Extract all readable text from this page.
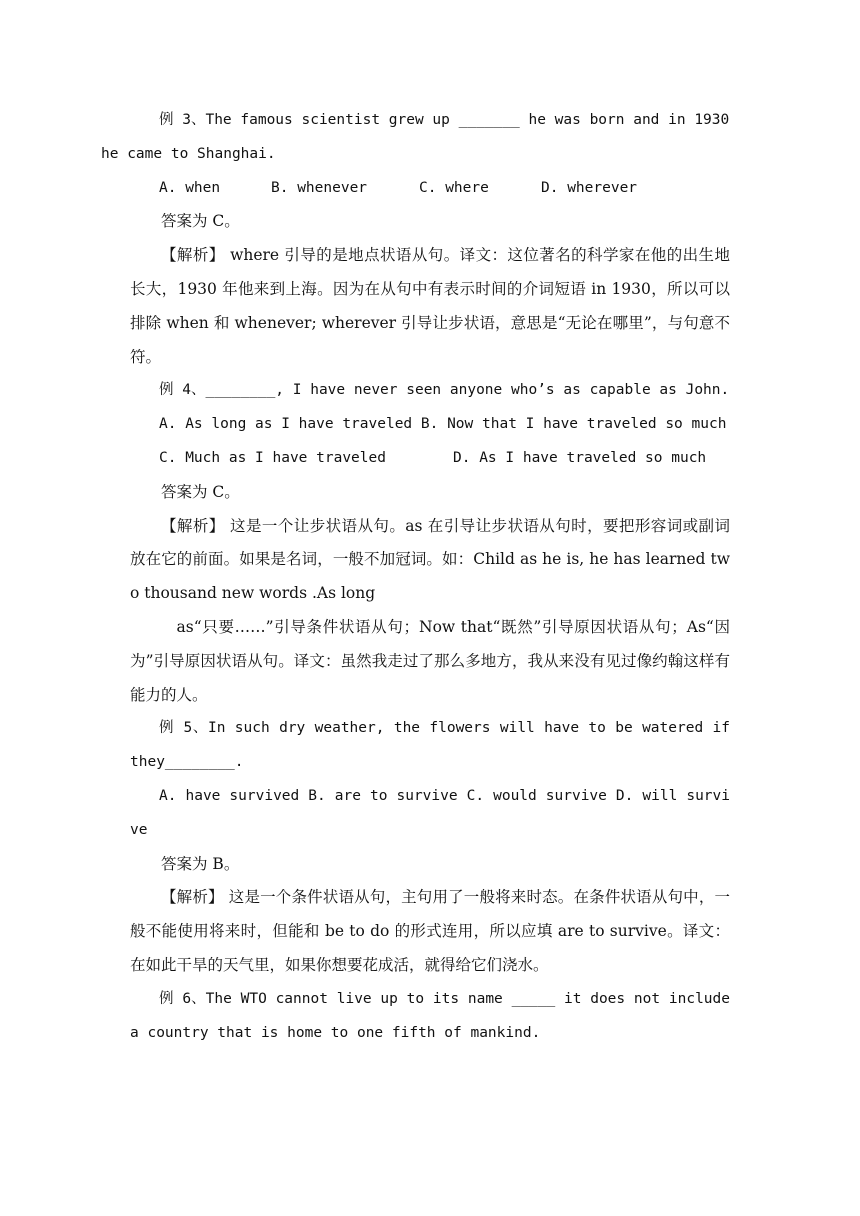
例 3、The famous scientist grew up _______ he was born and in 1930
he came to Shanghai.

A. when	B. whenever	C. where	D. wherever

答案为 C。

【解析】 where 引导的是地点状语从句。译文：这位著名的科学家在他的出生地长大，1930 年他来到上海。因为在从句中有表示时间的介词短语 in 1930，所以可以排除 when 和 whenever; wherever 引导让步状语，意思是“无论在哪里”，与句意不符。

例 4、________, I have never seen anyone who’s as capable as John.

A. As long as I have traveled B. Now that I have traveled so much

C. Much as I have traveled	D. As I have traveled so much

答案为 C。

【解析】 这是一个让步状语从句。as 在引导让步状语从句时，要把形容词或副词放在它的前面。如果是名词，一般不加冠词。如：Child as he is, he has learned two thousand new words .As long

as“只要……”引导条件状语从句；Now that“既然”引导原因状语从句；As“因为”引导原因状语从句。译文：虽然我走过了那么多地方，我从来没有见过像约翰这样有能力的人。

例 5、In such dry weather, the flowers will have to be watered if they________.

A. have survived B. are to survive C. would survive D. will survive

答案为 B。

【解析】 这是一个条件状语从句，主句用了一般将来时态。在条件状语从句中，一般不能使用将来时，但能和 be to do 的形式连用，所以应填 are to survive。译文：在如此干旱的天气里，如果你想要花成活，就得给它们浇水。

例 6、The WTO cannot live up to its name _____ it does not include a country that is home to one fifth of mankind.
